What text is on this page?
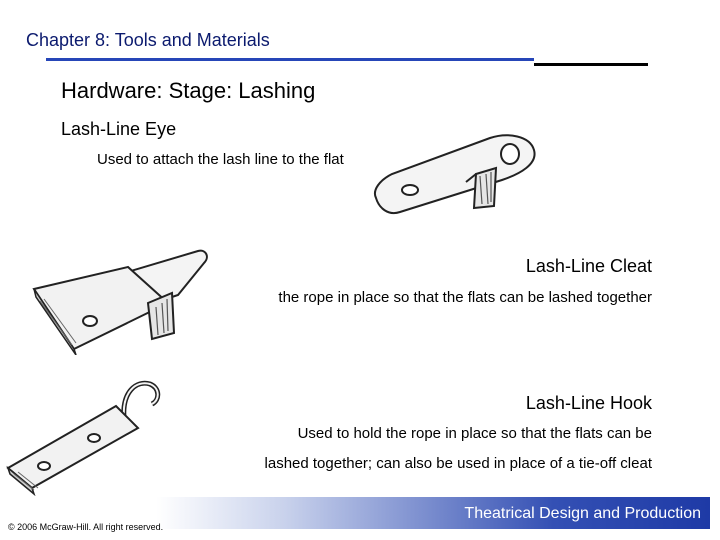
Chapter 8: Tools and Materials
Hardware: Stage: Lashing
Lash-Line Eye
Used to attach the lash line to the flat
Lash-Line Cleat
the rope in place so that the flats can be lashed together
Lash-Line Hook
Used to hold the rope in place so that the flats can be
lashed together; can also be used in place of a tie-off cleat
Theatrical Design and Production
© 2006 McGraw-Hill. All right reserved.
